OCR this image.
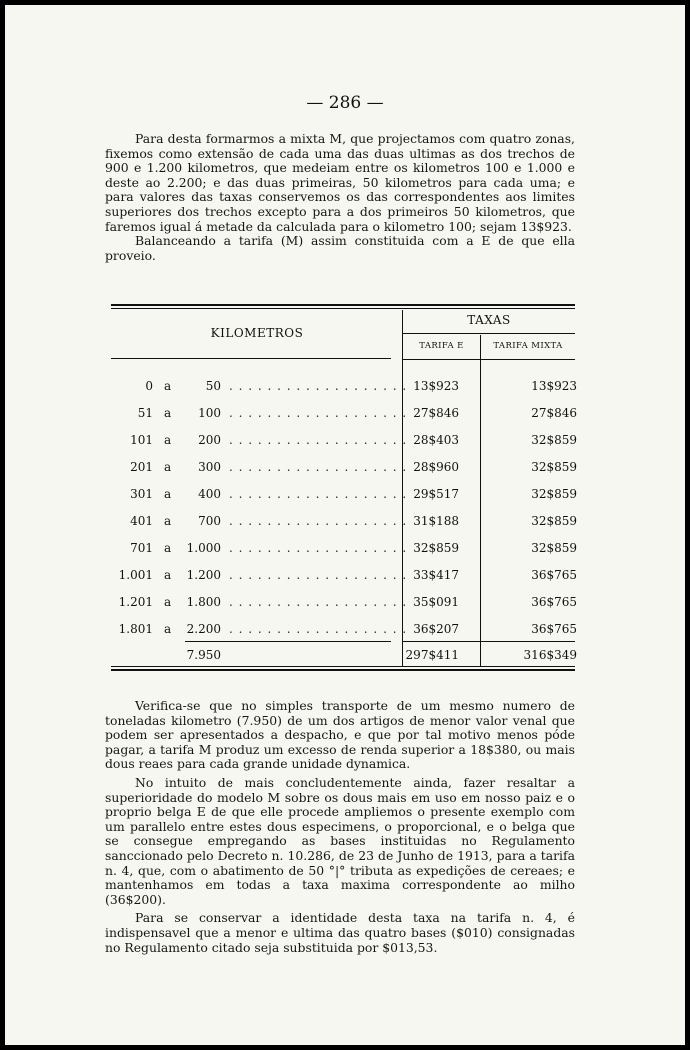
— 286 —

Para desta formarmos a mixta M, que projectamos com quatro zonas, fixemos como extensão de cada uma das duas ultimas as dos trechos de 900 e 1.200 kilometros, que medeiam entre os kilometros 100 e 1.000 e deste ao 2.200; e das duas primeiras, 50 kilometros para cada uma; e para valores das taxas conservemos os das correspondentes aos limites superiores dos trechos excepto para a dos primeiros 50 kilometros, que faremos igual á metade da calculada para o kilometro 100; sejam 13$923.

Balanceando a tarifa (M) assim constituida com a E de que ella proveio.

KILOMETROS
TAXAS
TARIFA E	TARIFA MIXTA
0 a	50 . . . . . . . . . . . . . . . . . . . 13$923	13$923
51 a 100 . . . . . . . . . . . . . . . . . . . 27$846	27$846
101 a 200 . . . . . . . . . . . . . . . . . . . 28$403	32$859
201 a 300 . . . . . . . . . . . . . . . . . . . 28$960	32$859
301 a 400 . . . . . . . . . . . . . . . . . . . 29$517	32$859
401 a 700 . . . . . . . . . . . . . . . . . . . 31$188	32$859
701 a 1.000 . . . . . . . . . . . . . . . . . . . 32$859	32$859
1.001 a 1.200 . . . . . . . . . . . . . . . . . . . 33$417	36$765
1.201 a 1.800 . . . . . . . . . . . . . . . . . . . 35$091	36$765
1.801 a 2.200 . . . . . . . . . . . . . . . . . . . 36$207	36$765
7.950	297$411	316$349

Verifica-se que no simples transporte de um mesmo numero de toneladas kilometro (7.950) de um dos artigos de menor valor venal que podem ser apresentados a despacho, e que por tal motivo menos póde pagar, a tarifa M produz um excesso de renda superior a 18$380, ou mais dous reaes para cada grande unidade dynamica.

No intuito de mais concludentemente ainda, fazer resaltar a superioridade do modelo M sobre os dous mais em uso em nosso paiz e o proprio belga E de que elle procede ampliemos o presente exemplo com um parallelo entre estes dous especimens, o proporcional, e o belga que se consegue empregando as bases instituidas no Regulamento sanccionado pelo Decreto n. 10.286, de 23 de Junho de 1913, para a tarifa n. 4, que, com o abatimento de 50 °|° tributa as expedições de cereaes; e mantenhamos em todas a taxa maxima correspondente ao milho (36$200).

Para se conservar a identidade desta taxa na tarifa n. 4, é indispensavel que a menor e ultima das quatro bases ($010) consignadas no Regulamento citado seja substituida por $013,53.
